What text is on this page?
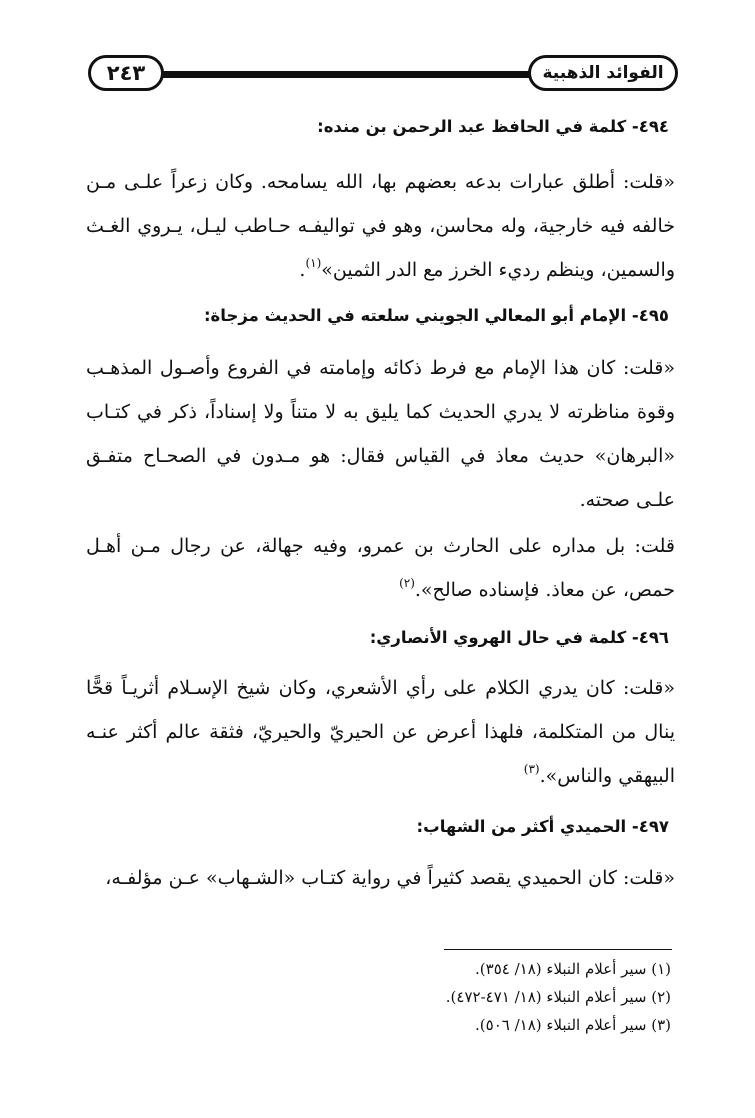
٢٤٣	الفوائد الذهبية
٤٩٤- كلمة في الحافظ عبد الرحمن بن منده:
«قلت: أطلق عبارات بدعه بعضهم بها، الله يسامحه. وكان زعراً علـى مـن خالفه فيه خارجية، وله محاسن، وهو في تواليفـه حـاطب ليـل، يـروي الغـث والسمين، وينظم رديء الخرز مع الدر الثمين»$^{(١)}$.
٤٩٥- الإمام أبو المعالي الجويني سلعته في الحديث مزجاة:
«قلت: كان هذا الإمام مع فرط ذكائه وإمامته في الفروع وأصـول المذهـب وقوة مناظرته لا يدري الحديث كما يليق به لا متناً ولا إسناداً، ذكر في كتـاب «البرهان» حديث معاذ في القياس فقال: هو مـدون في الصحـاح متفـق علـى صحته.
قلت: بل مداره على الحارث بن عمرو، وفيه جهالة، عن رجال مـن أهـل حمص، عن معاذ. فإسناده صالح».$^{(٢)}$
٤٩٦- كلمة في حال الهروي الأنصاري:
«قلت: كان يدري الكلام على رأي الأشعري، وكان شيخ الإسـلام أثريـاً قحًّا ينال من المتكلمة، فلهذا أعرض عن الحيريّ والحيريّ، فثقة عالم أكثر عنـه البيهقي والناس».$^{(٣)}$
٤٩٧- الحميدي أكثر من الشهاب:
«قلت: كان الحميدي يقصد كثيراً في رواية كتـاب «الشـهاب» عـن مؤلفـه،
(١) سير أعلام النبلاء (١٨/ ٣٥٤).
(٢) سير أعلام النبلاء (١٨/ ٤٧١-٤٧٢).
(٣) سير أعلام النبلاء (١٨/ ٥٠٦).
